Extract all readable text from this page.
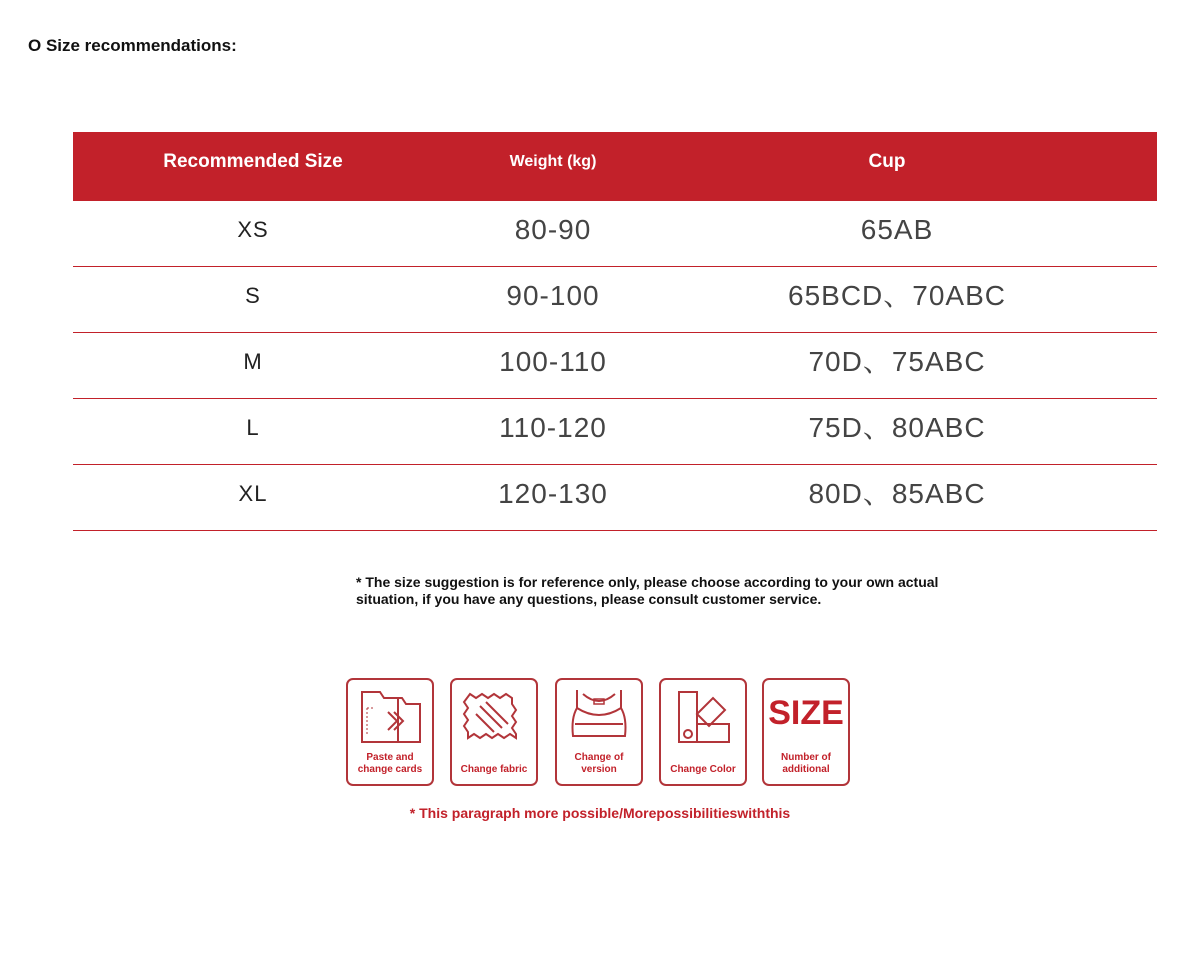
O Size recommendations:
Recommended Size	Weight (kg)	Cup
XS	80-90	65AB
S	90-100	65BCD、70ABC
M	100-110	70D、75ABC
L	110-120	75D、80ABC
XL	120-130	80D、85ABC
* The size suggestion is for reference only, please choose according to your own actual situation, if you have any questions, please consult customer service.
Paste and change cards	Change fabric
Change of version	Change Color
SIZE
Number of additional
* This paragraph more possible/Morepossibilitieswiththis
